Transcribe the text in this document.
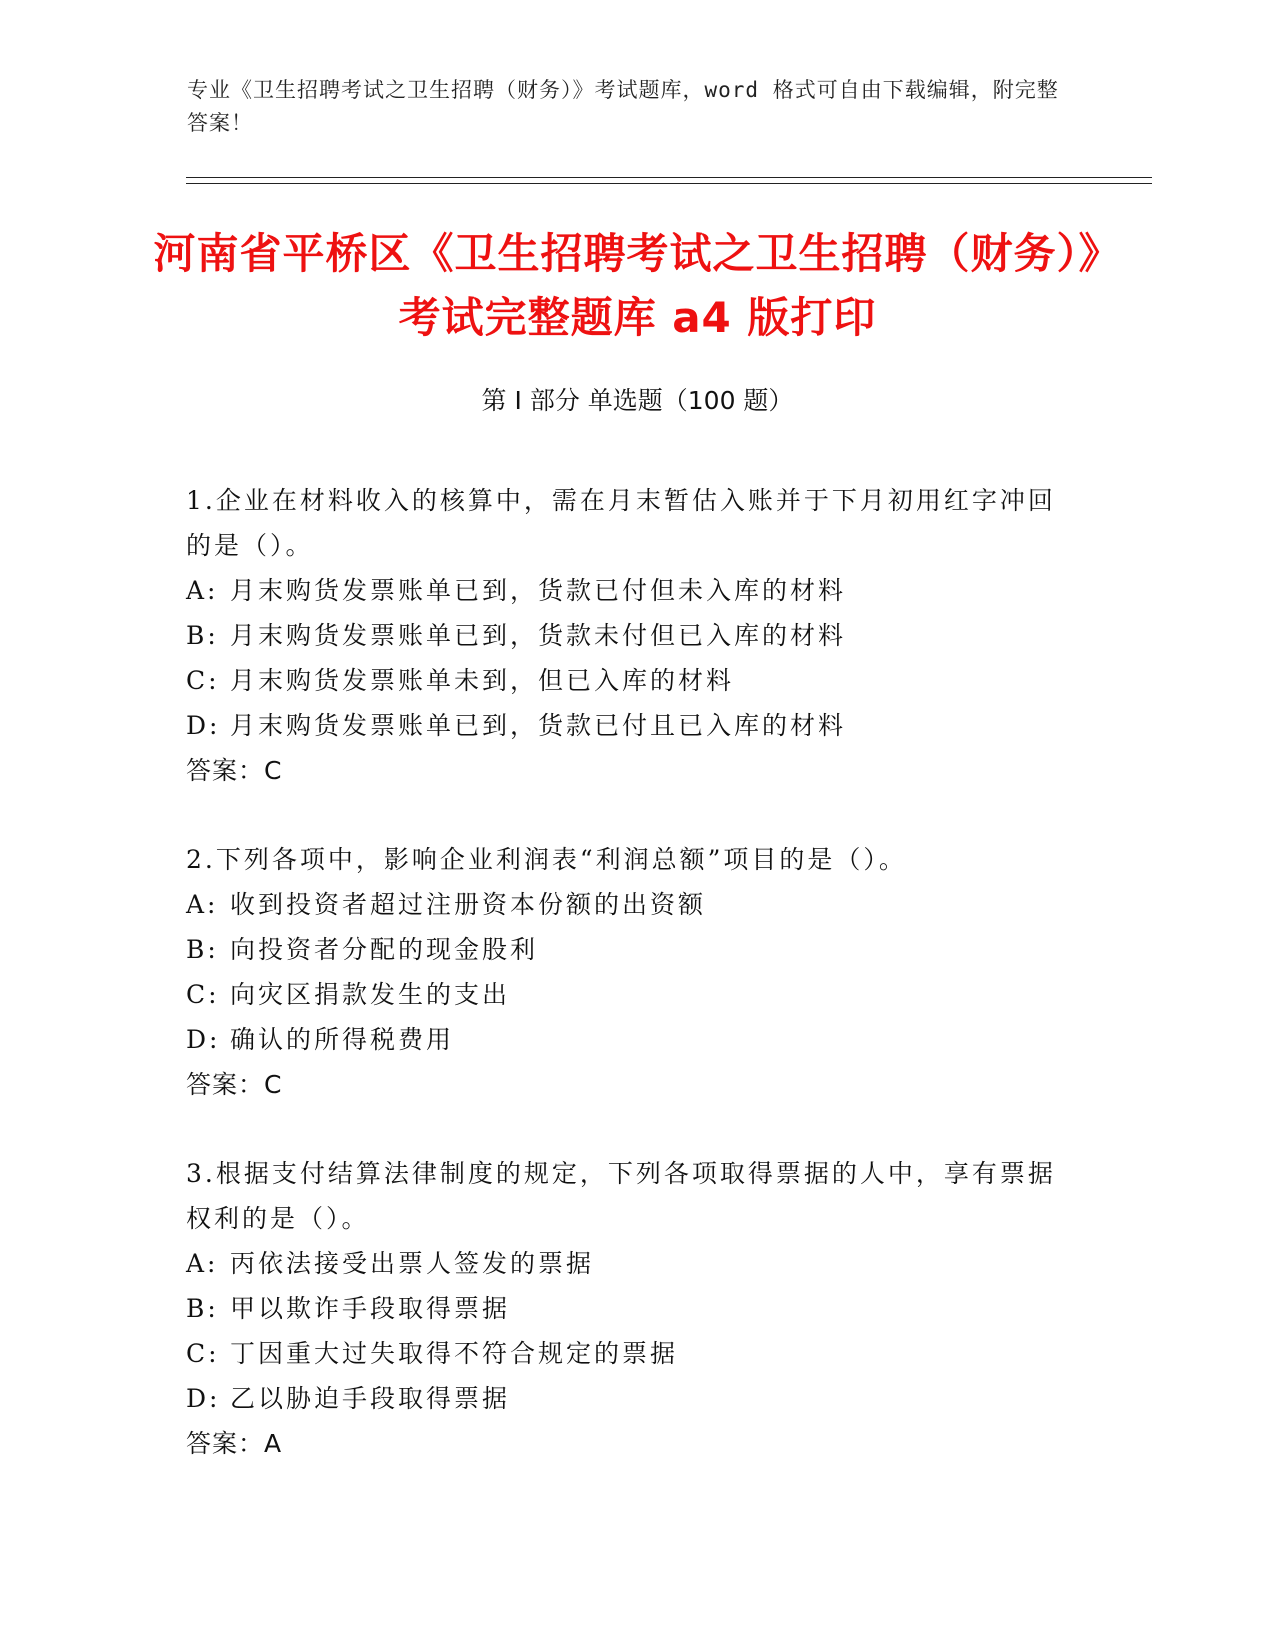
专业《卫生招聘考试之卫生招聘（财务）》考试题库，word 格式可自由下载编辑，附完整答案！
河南省平桥区《卫生招聘考试之卫生招聘（财务）》考试完整题库 a4 版打印
第 I 部分 单选题（100 题）

1.企业在材料收入的核算中，需在月末暂估入账并于下月初用红字冲回的是（）。

A: 月末购货发票账单已到，货款已付但未入库的材料

B: 月末购货发票账单已到，货款未付但已入库的材料

C: 月末购货发票账单未到，但已入库的材料

D: 月末购货发票账单已到，货款已付且已入库的材料

答案：C

2.下列各项中，影响企业利润表“利润总额”项目的是（）。

A: 收到投资者超过注册资本份额的出资额

B: 向投资者分配的现金股利

C: 向灾区捐款发生的支出

D: 确认的所得税费用

答案：C

3.根据支付结算法律制度的规定，下列各项取得票据的人中，享有票据权利的是（）。

A: 丙依法接受出票人签发的票据

B: 甲以欺诈手段取得票据

C: 丁因重大过失取得不符合规定的票据

D: 乙以胁迫手段取得票据

答案：A
